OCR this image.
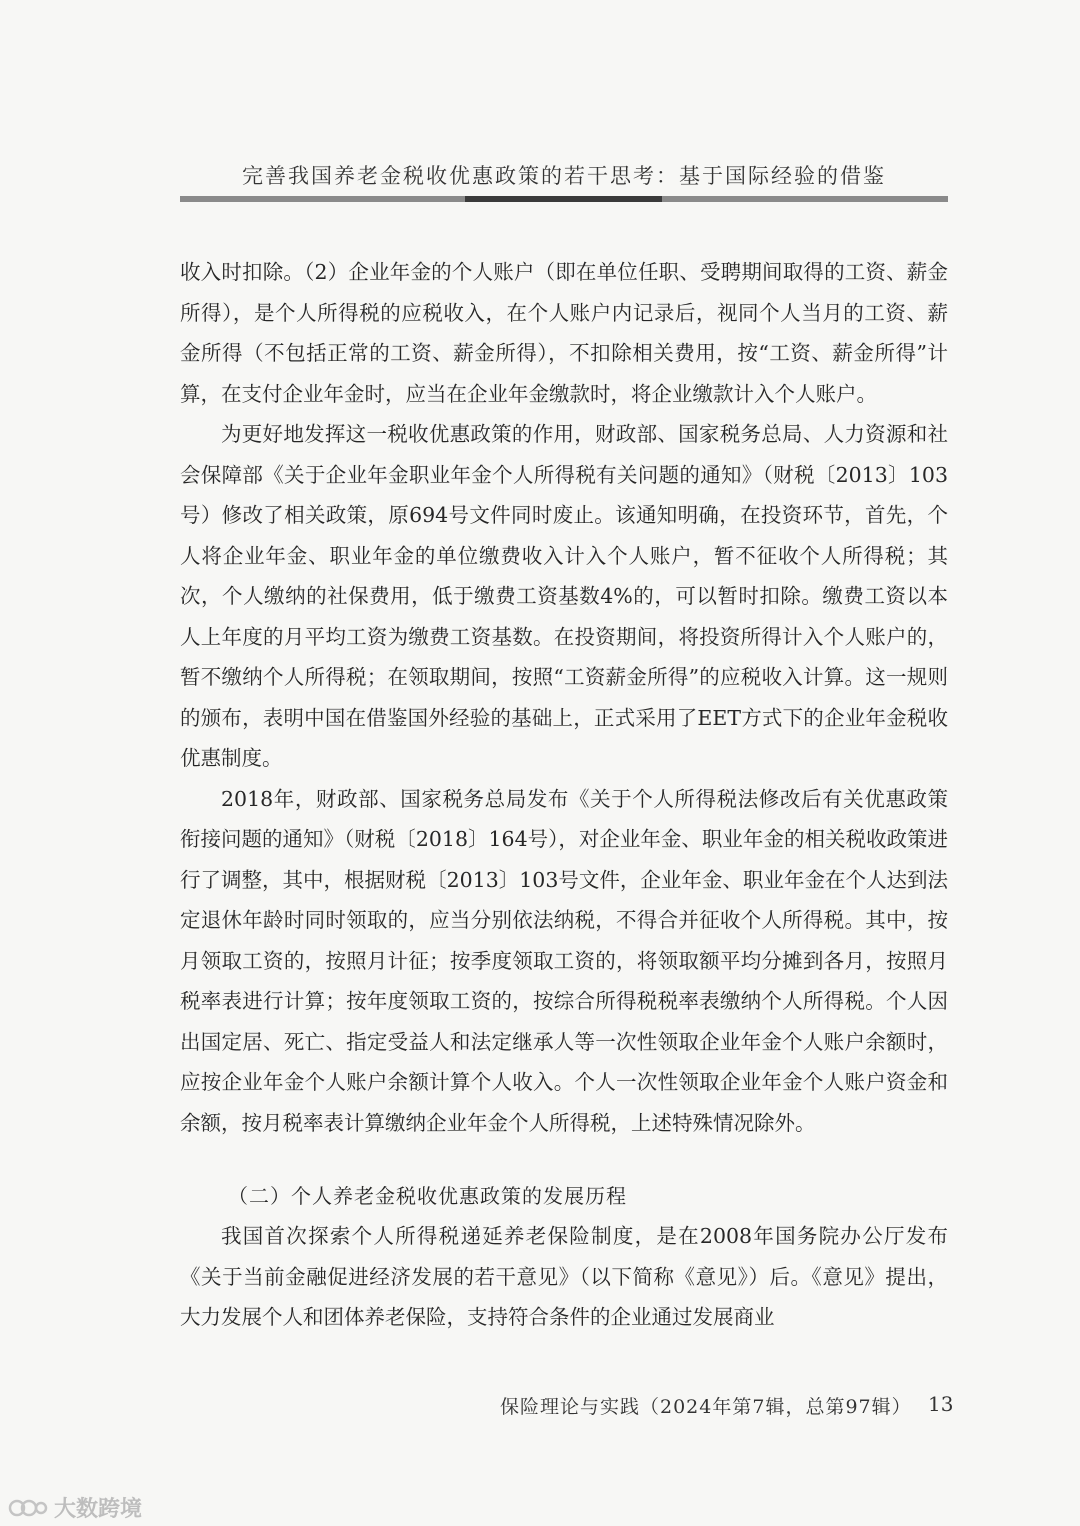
完善我国养老金税收优惠政策的若干思考：基于国际经验的借鉴

收入时扣除。（2）企业年金的个人账户（即在单位任职、受聘期间取得的工资、薪金所得），是个人所得税的应税收入，在个人账户内记录后，视同个人当月的工资、薪金所得（不包括正常的工资、薪金所得），不扣除相关费用，按“工资、薪金所得”计算，在支付企业年金时，应当在企业年金缴款时，将企业缴款计入个人账户。

为更好地发挥这一税收优惠政策的作用，财政部、国家税务总局、人力资源和社会保障部《关于企业年金职业年金个人所得税有关问题的通知》（财税〔2013〕103号）修改了相关政策，原694号文件同时废止。该通知明确，在投资环节，首先，个人将企业年金、职业年金的单位缴费收入计入个人账户，暂不征收个人所得税；其次，个人缴纳的社保费用，低于缴费工资基数4%的，可以暂时扣除。缴费工资以本人上年度的月平均工资为缴费工资基数。在投资期间，将投资所得计入个人账户的，暂不缴纳个人所得税；在领取期间，按照“工资薪金所得”的应税收入计算。这一规则的颁布，表明中国在借鉴国外经验的基础上，正式采用了EET方式下的企业年金税收优惠制度。

2018年，财政部、国家税务总局发布《关于个人所得税法修改后有关优惠政策衔接问题的通知》（财税〔2018〕164号），对企业年金、职业年金的相关税收政策进行了调整，其中，根据财税〔2013〕103号文件，企业年金、职业年金在个人达到法定退休年龄时同时领取的，应当分别依法纳税，不得合并征收个人所得税。其中，按月领取工资的，按照月计征；按季度领取工资的，将领取额平均分摊到各月，按照月税率表进行计算；按年度领取工资的，按综合所得税税率表缴纳个人所得税。个人因出国定居、死亡、指定受益人和法定继承人等一次性领取企业年金个人账户余额时，应按企业年金个人账户余额计算个人收入。个人一次性领取企业年金个人账户资金和余额，按月税率表计算缴纳企业年金个人所得税，上述特殊情况除外。

（二）个人养老金税收优惠政策的发展历程

我国首次探索个人所得税递延养老保险制度，是在2008年国务院办公厅发布《关于当前金融促进经济发展的若干意见》（以下简称《意见》）后。《意见》提出，大力发展个人和团体养老保险，支持符合条件的企业通过发展商业

保险理论与实践（2024年第7辑，总第97辑） 13
大数跨境
